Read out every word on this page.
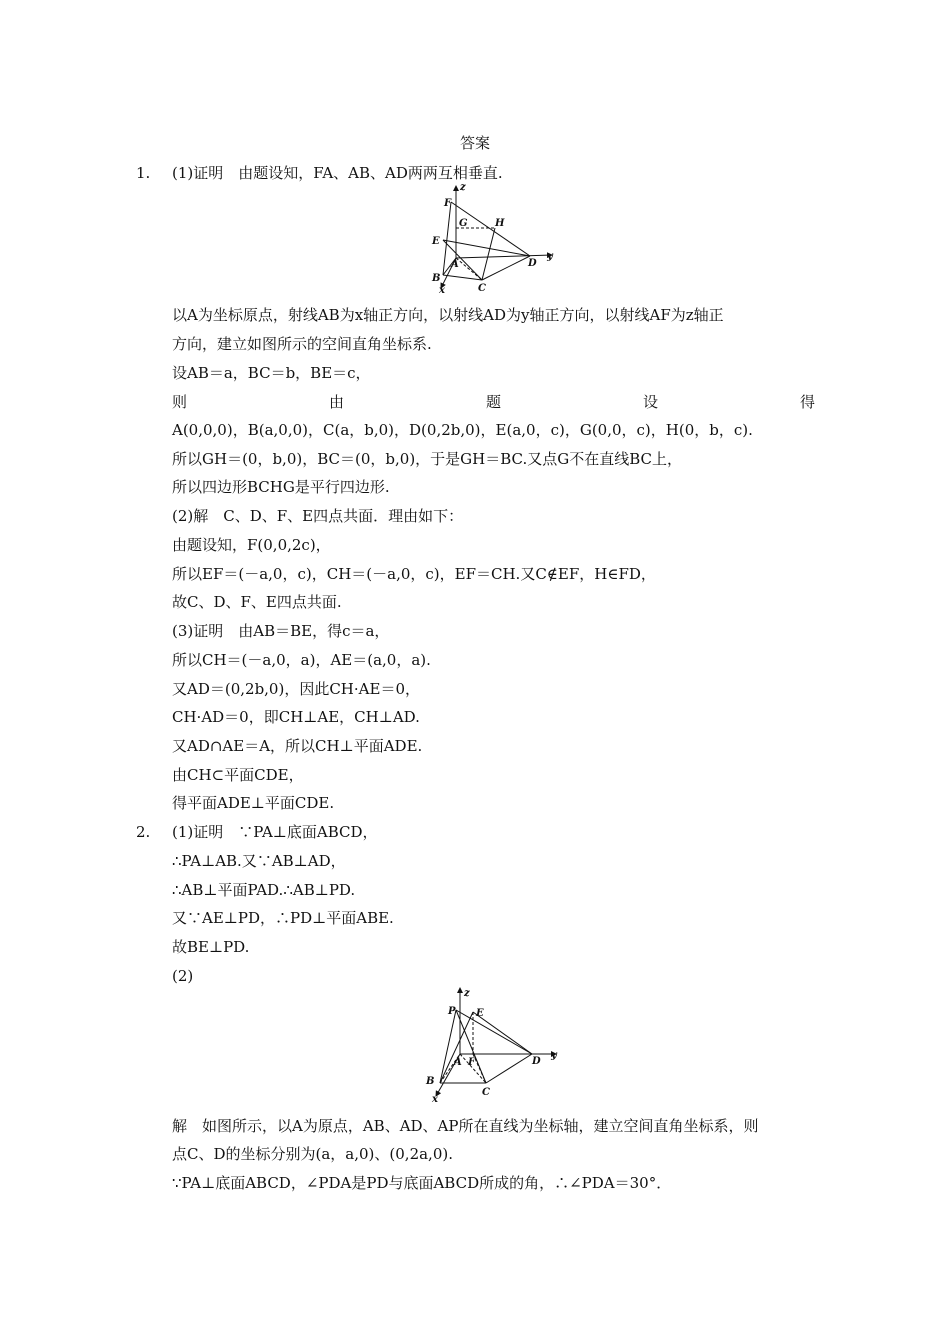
答案
1. (1)证明　由题设知，FA、AB、AD两两互相垂直.
F
z
G	H
E
A	D
y
B
C
x
以A为坐标原点，射线AB为x轴正方向，以射线AD为y轴正方向，以射线AF为z轴正
方向，建立如图所示的空间直角坐标系.
设AB＝a，BC＝b，BE＝c，
则	由	题	设	得
A(0,0,0)，B(a,0,0)，C(a，b,0)，D(0,2b,0)，E(a,0，c)，G(0,0，c)，H(0，b，c).
所以GH＝(0，b,0)，BC＝(0，b,0)，于是GH＝BC.又点G不在直线BC上，
所以四边形BCHG是平行四边形.
(2)解　C、D、F、E四点共面．理由如下：
由题设知，F(0,0,2c)，
所以EF＝(－a,0，c)，CH＝(－a,0，c)，EF＝CH.又C∉EF，H∈FD，
故C、D、F、E四点共面.
(3)证明　由AB＝BE，得c＝a，
所以CH＝(－a,0，a)，AE＝(a,0，a).
又AD＝(0,2b,0)，因此CH·AE＝0，
CH·AD＝0，即CH⊥AE，CH⊥AD.
又AD∩AE＝A，所以CH⊥平面ADE.
由CH⊂平面CDE，
得平面ADE⊥平面CDE.
2. (1)证明　∵PA⊥底面ABCD，
∴PA⊥AB.又∵AB⊥AD，
∴AB⊥平面PAD.∴AB⊥PD.
又∵AE⊥PD，∴PD⊥平面ABE.
故BE⊥PD.
(2)
z
P E
A F	D
y
B
C
x
解　如图所示，以A为原点，AB、AD、AP所在直线为坐标轴，建立空间直角坐标系，则
点C、D的坐标分别为(a，a,0)、(0,2a,0).
∵PA⊥底面ABCD，∠PDA是PD与底面ABCD所成的角，∴∠PDA＝30°．
